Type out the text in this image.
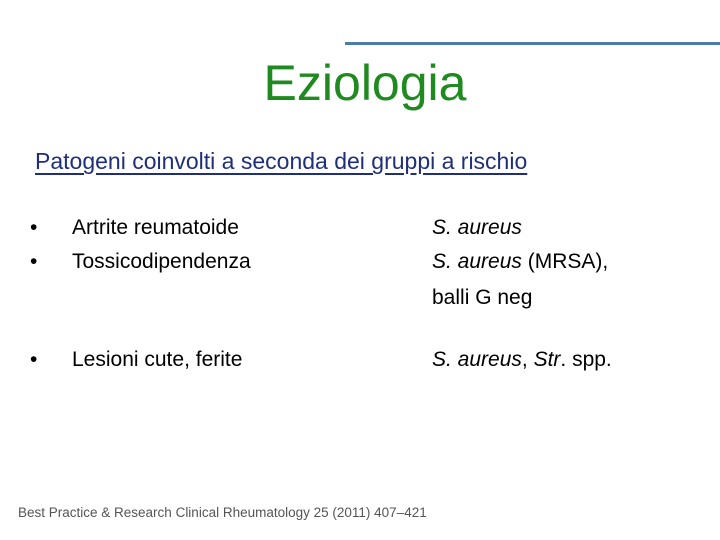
Eziologia
Patogeni coinvolti a seconda dei gruppi a rischio
•	Artrite reumatoide	S. aureus
•	Tossicodipendenza	S. aureus (MRSA),
balli G neg
•	Lesioni cute, ferite	S. aureus, Str. spp.
Best Practice & Research Clinical Rheumatology 25 (2011) 407–421
